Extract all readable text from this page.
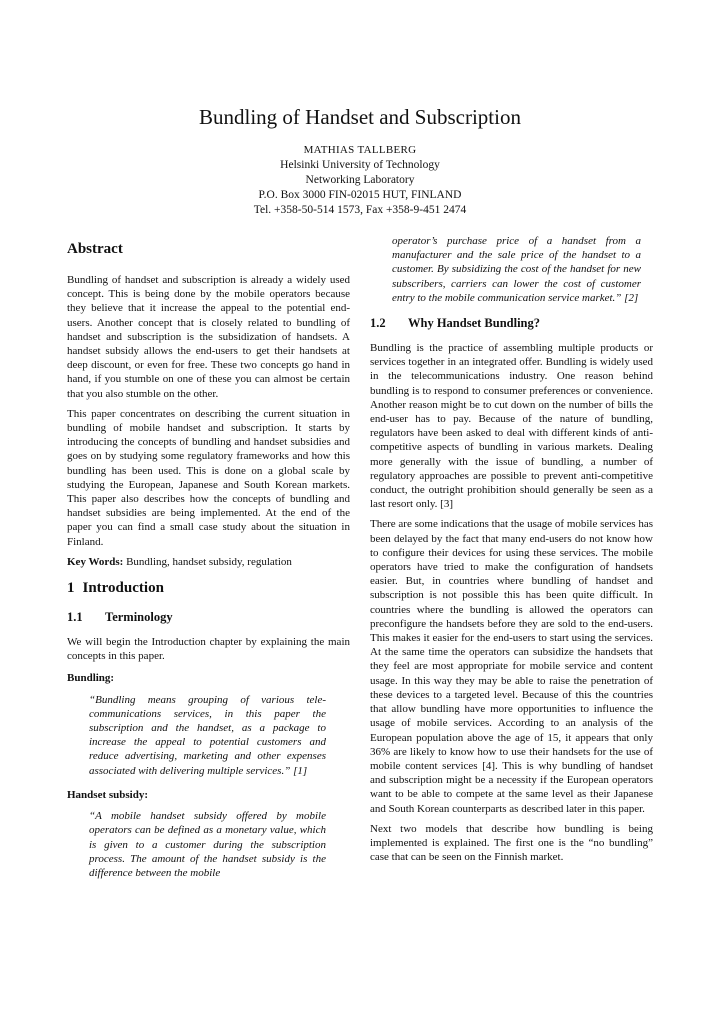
Bundling of Handset and Subscription
MATHIAS TALLBERG
Helsinki University of Technology
Networking Laboratory
P.O. Box 3000 FIN-02015 HUT, FINLAND
Tel. +358-50-514 1573, Fax +358-9-451 2474
Abstract

Bundling of handset and subscription is already a widely used concept. This is being done by the mobile operators because they believe that it increase the appeal to the potential end-users. Another concept that is closely related to bundling of handset and subscription is the subsidization of handsets. A handset subsidy allows the end-users to get their handsets at deep discount, or even for free. These two concepts go hand in hand, if you stumble on one of these you can almost be certain that you also stumble on the other.

This paper concentrates on describing the current situation in bundling of mobile handset and subscription. It starts by introducing the concepts of bundling and handset subsidies and goes on by studying some regulatory frameworks and how this bundling has been used. This is done on a global scale by studying the European, Japanese and South Korean markets. This paper also describes how the concepts of bundling and handset subsidies are being implemented. At the end of the paper you can find a small case study about the situation in Finland.

Key Words: Bundling, handset subsidy, regulation

1 Introduction
1.1 Terminology

We will begin the Introduction chapter by explaining the main concepts in this paper.

Bundling:
“Bundling means grouping of various tele-communications services, in this paper the subscription and the handset, as a package to increase the appeal to potential customers and reduce advertising, marketing and other expenses associated with delivering multiple services.” [1]
Handset subsidy:
“A mobile handset subsidy offered by mobile operators can be defined as a monetary value, which is given to a customer during the subscription process. The amount of the handset subsidy is the difference between the mobile
operator’s purchase price of a handset from a manufacturer and the sale price of the handset to a customer. By subsidizing the cost of the handset for new subscribers, carriers can lower the cost of customer entry to the mobile communication service market.” [2]
1.2 Why Handset Bundling?

Bundling is the practice of assembling multiple products or services together in an integrated offer. Bundling is widely used in the telecommunications industry. One reason behind bundling is to respond to consumer preferences or convenience. Another reason might be to cut down on the number of bills the end-user has to pay. Because of the nature of bundling, regulators have been asked to deal with different kinds of anti-competitive aspects of bundling in various markets. Dealing more generally with the issue of bundling, a number of regulatory approaches are possible to prevent anti-competitive conduct, the outright prohibition should generally be seen as a last resort only. [3]

There are some indications that the usage of mobile services has been delayed by the fact that many end-users do not know how to configure their devices for using these services. The mobile operators have tried to make the configuration of handsets easier. But, in countries where bundling of handset and subscription is not possible this has been quite difficult. In countries where the bundling is allowed the operators can preconfigure the handsets before they are sold to the end-users. This makes it easier for the end-users to start using the services. At the same time the operators can subsidize the handsets that they feel are most appropriate for mobile service and content usage. In this way they may be able to raise the penetration of these devices to a targeted level. Because of this the countries that allow bundling have more opportunities to influence the usage of mobile services. According to an analysis of the European population above the age of 15, it appears that only 36% are likely to know how to use their handsets for the use of mobile content services [4]. This is why bundling of handset and subscription might be a necessity if the European operators want to be able to compete at the same level as their Japanese and South Korean counterparts as described later in this paper.

Next two models that describe how bundling is being implemented is explained. The first one is the “no bundling” case that can be seen on the Finnish market.
